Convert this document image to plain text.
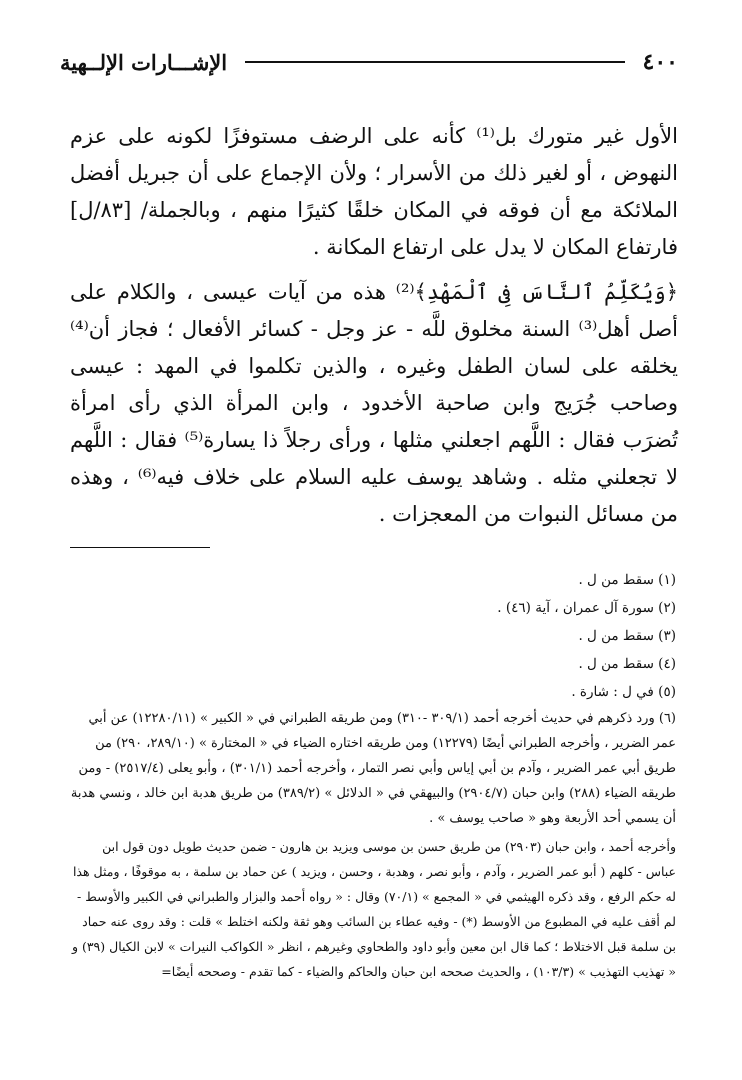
٤٠٠
الإشـــارات الإلــهية

الأول غير متورك بل⁽¹⁾ كأنه على الرضف مستوفزًا لكونه على عزم النهوض ، أو لغير ذلك من الأسرار ؛ ولأن الإجماع على أن جبريل أفضل الملائكة مع أن فوقه في المكان خلقًا كثيرًا منهم ، وبالجملة/ [٨٣/ل] فارتفاع المكان لا يدل على ارتفاع المكانة .

﴿وَيُكَلِّمُ ٱلنَّاسَ فِى ٱلْمَهْدِ﴾⁽²⁾ هذه من آيات عيسى ، والكلام على أصل أهل⁽³⁾ السنة مخلوق للَّه - عز وجل - كسائر الأفعال ؛ فجاز أن⁽⁴⁾ يخلقه على لسان الطفل وغيره ، والذين تكلموا في المهد : عيسى وصاحب جُرَيج وابن صاحبة الأخدود ، وابن المرأة الذي رأى امرأة تُضرَب فقال : اللَّهم اجعلني مثلها ، ورأى رجلاً ذا يسارة⁽⁵⁾ فقال : اللَّهم لا تجعلني مثله . وشاهد يوسف عليه السلام على خلاف فيه⁽⁶⁾ ، وهذه من مسائل النبوات من المعجزات .

(١) سقط من ل .

(٢) سورة آل عمران ، آية (٤٦) .

(٣) سقط من ل .

(٤) سقط من ل .

(٥) في ل : شارة .

(٦) ورد ذكرهم في حديث أخرجه أحمد (٣٠٩/١ -٣١٠) ومن طريقه الطبراني في « الكبير » (١٢٢٨٠/١١) عن أبي عمر الضرير ، وأخرجه الطبراني أيضًا (١٢٢٧٩) ومن طريقه اختاره الضياء في « المختارة » (٢٨٩/١٠، ٢٩٠) من طريق أبي عمر الضرير ، وآدم بن أبي إياس وأبي نصر التمار ، وأخرجه أحمد (٣٠١/١) ، وأبو يعلى (٢٥١٧/٤) - ومن طريقه الضياء (٢٨٨) وابن حبان (٢٩٠٤/٧) والبيهقي في « الدلائل » (٣٨٩/٢) من طريق هدبة ابن خالد ، ونسي هدبة أن يسمي أحد الأربعة وهو « صاحب يوسف » .

وأخرجه أحمد ، وابن حبان (٢٩٠٣) من طريق حسن بن موسى ويزيد بن هارون - ضمن حديث طويل دون قول ابن عباس - كلهم ( أبو عمر الضرير ، وآدم ، وأبو نصر ، وهدبة ، وحسن ، ويزيد ) عن حماد بن سلمة ، به موقوفًا ، ومثل هذا له حكم الرفع ، وقد ذكره الهيثمي في « المجمع » (٧٠/١) وقال : « رواه أحمد والبزار والطبراني في الكبير والأوسط - لم أقف عليه في المطبوع من الأوسط (*) - وفيه عطاء بن السائب وهو ثقة ولكنه اختلط » قلت : وقد روى عنه حماد بن سلمة قبل الاختلاط ؛ كما قال ابن معين وأبو داود والطحاوي وغيرهم ، انظر « الكواكب النيرات » لابن الكيال (٣٩) و « تهذيب التهذيب » (١٠٣/٣) ، والحديث صححه ابن حبان والحاكم والضياء - كما تقدم - وصححه أيضًا=
